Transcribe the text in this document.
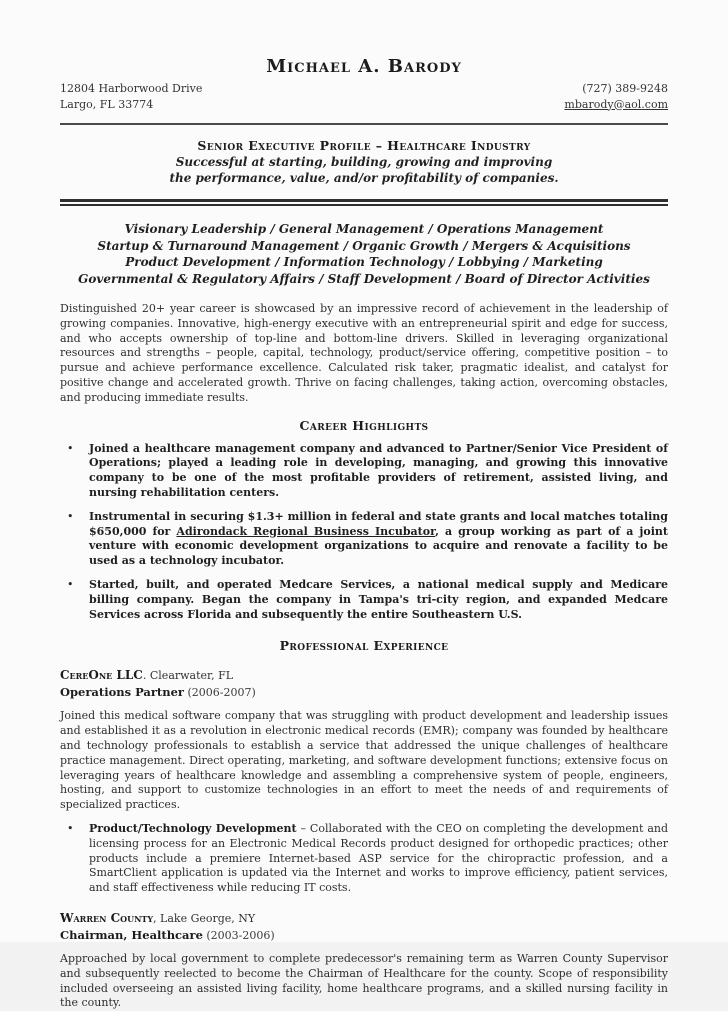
Michael A. Barody
12804 Harborwood Drive
Largo, FL 33774
(727) 389-9248
mbarody@aol.com
Senior Executive Profile – Healthcare Industry
Successful at starting, building, growing and improving
the performance, value, and/or profitability of companies.
Visionary Leadership / General Management / Operations Management
Startup & Turnaround Management / Organic Growth / Mergers & Acquisitions
Product Development / Information Technology / Lobbying / Marketing
Governmental & Regulatory Affairs / Staff Development / Board of Director Activities

Distinguished 20+ year career is showcased by an impressive record of achievement in the leadership of growing companies. Innovative, high-energy executive with an entrepreneurial spirit and edge for success, and who accepts ownership of top-line and bottom-line drivers. Skilled in leveraging organizational resources and strengths – people, capital, technology, product/service offering, competitive position – to pursue and achieve performance excellence. Calculated risk taker, pragmatic idealist, and catalyst for positive change and accelerated growth. Thrive on facing challenges, taking action, overcoming obstacles, and producing immediate results.

Career Highlights
•	Joined a healthcare management company and advanced to Partner/Senior Vice President of Operations; played a leading role in developing, managing, and growing this innovative company to be one of the most profitable providers of retirement, assisted living, and nursing rehabilitation centers.

•	Instrumental in securing $1.3+ million in federal and state grants and local matches totaling $650,000 for Adirondack Regional Business Incubator, a group working as part of a joint venture with economic development organizations to acquire and renovate a facility to be used as a technology incubator.

•	Started, built, and operated Medcare Services, a national medical supply and Medicare billing company. Began the company in Tampa's tri-city region, and expanded Medcare Services across Florida and subsequently the entire Southeastern U.S.

Professional Experience
CereOne LLC. Clearwater, FL
Operations Partner (2006-2007)

Joined this medical software company that was struggling with product development and leadership issues and established it as a revolution in electronic medical records (EMR); company was founded by healthcare and technology professionals to establish a service that addressed the unique challenges of healthcare practice management. Direct operating, marketing, and software development functions; extensive focus on leveraging years of healthcare knowledge and assembling a comprehensive system of people, engineers, hosting, and support to customize technologies in an effort to meet the needs of and requirements of specialized practices.

•	Product/Technology Development – Collaborated with the CEO on completing the development and licensing process for an Electronic Medical Records product designed for orthopedic practices; other products include a premiere Internet-based ASP service for the chiropractic profession, and a SmartClient application is updated via the Internet and works to improve efficiency, patient services, and staff effectiveness while reducing IT costs.

Warren County, Lake George, NY
Chairman, Healthcare (2003-2006)

Approached by local government to complete predecessor's remaining term as Warren County Supervisor and subsequently reelected to become the Chairman of Healthcare for the county. Scope of responsibility included overseeing an assisted living facility, home healthcare programs, and a skilled nursing facility in the county.
